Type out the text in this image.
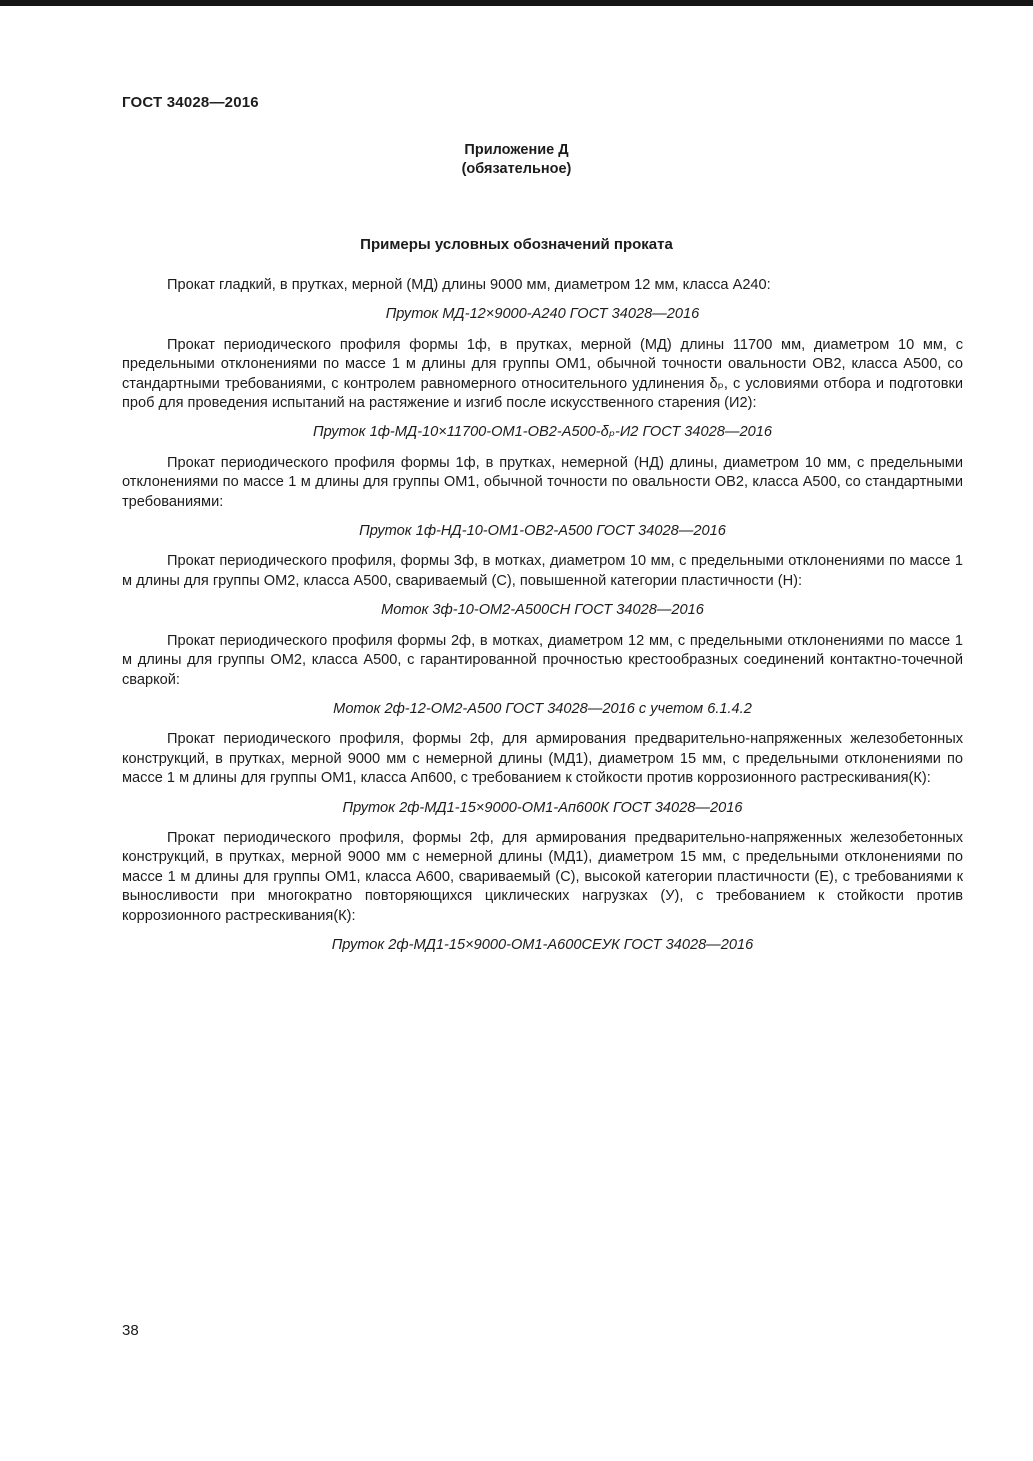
ГОСТ 34028—2016
Приложение Д
(обязательное)
Примеры условных обозначений проката
Прокат гладкий, в прутках, мерной (МД) длины 9000 мм, диаметром 12 мм, класса А240:
Пруток МД-12×9000-А240 ГОСТ 34028—2016
Прокат периодического профиля формы 1ф, в прутках, мерной (МД) длины 11700 мм, диаметром 10 мм, с предельными отклонениями по массе 1 м длины для группы ОМ1, обычной точности овальности ОВ2, класса А500, со стандартными требованиями, с контролем равномерного относительного удлинения δₚ, с условиями отбора и подготовки проб для проведения испытаний на растяжение и изгиб после искусственного старения (И2):
Пруток 1ф-МД-10×11700-ОМ1-ОВ2-А500-δₚ-И2 ГОСТ 34028—2016
Прокат периодического профиля формы 1ф, в прутках, немерной (НД) длины, диаметром 10 мм, с предельными отклонениями по массе 1 м длины для группы ОМ1, обычной точности по овальности ОВ2, класса А500, со стандартными требованиями:
Пруток 1ф-НД-10-ОМ1-ОВ2-А500 ГОСТ 34028—2016
Прокат периодического профиля, формы 3ф, в мотках, диаметром 10 мм, с предельными отклонениями по массе 1 м длины для группы ОМ2, класса А500, свариваемый (С), повышенной категории пластичности (Н):
Моток 3ф-10-ОМ2-А500СН ГОСТ 34028—2016
Прокат периодического профиля формы 2ф, в мотках, диаметром 12 мм, с предельными отклонениями по массе 1 м длины для группы ОМ2, класса А500, с гарантированной прочностью крестообразных соединений контактно-точечной сваркой:
Моток 2ф-12-ОМ2-А500 ГОСТ 34028—2016 с учетом 6.1.4.2
Прокат периодического профиля, формы 2ф, для армирования предварительно-напряженных железобетонных конструкций, в прутках, мерной 9000 мм с немерной длины (МД1), диаметром 15 мм, с предельными отклонениями по массе 1 м длины для группы ОМ1, класса Ап600, с требованием к стойкости против коррозионного растрескивания(К):
Пруток 2ф-МД1-15×9000-ОМ1-Ап600К ГОСТ 34028—2016
Прокат периодического профиля, формы 2ф, для армирования предварительно-напряженных железобетонных конструкций, в прутках, мерной 9000 мм с немерной длины (МД1), диаметром 15 мм, с предельными отклонениями по массе 1 м длины для группы ОМ1, класса А600, свариваемый (С), высокой категории пластичности (Е), с требованиями к выносливости при многократно повторяющихся циклических нагрузках (У), с требованием к стойкости против коррозионного растрескивания(К):
Пруток 2ф-МД1-15×9000-ОМ1-А600СЕУК ГОСТ 34028—2016
38
